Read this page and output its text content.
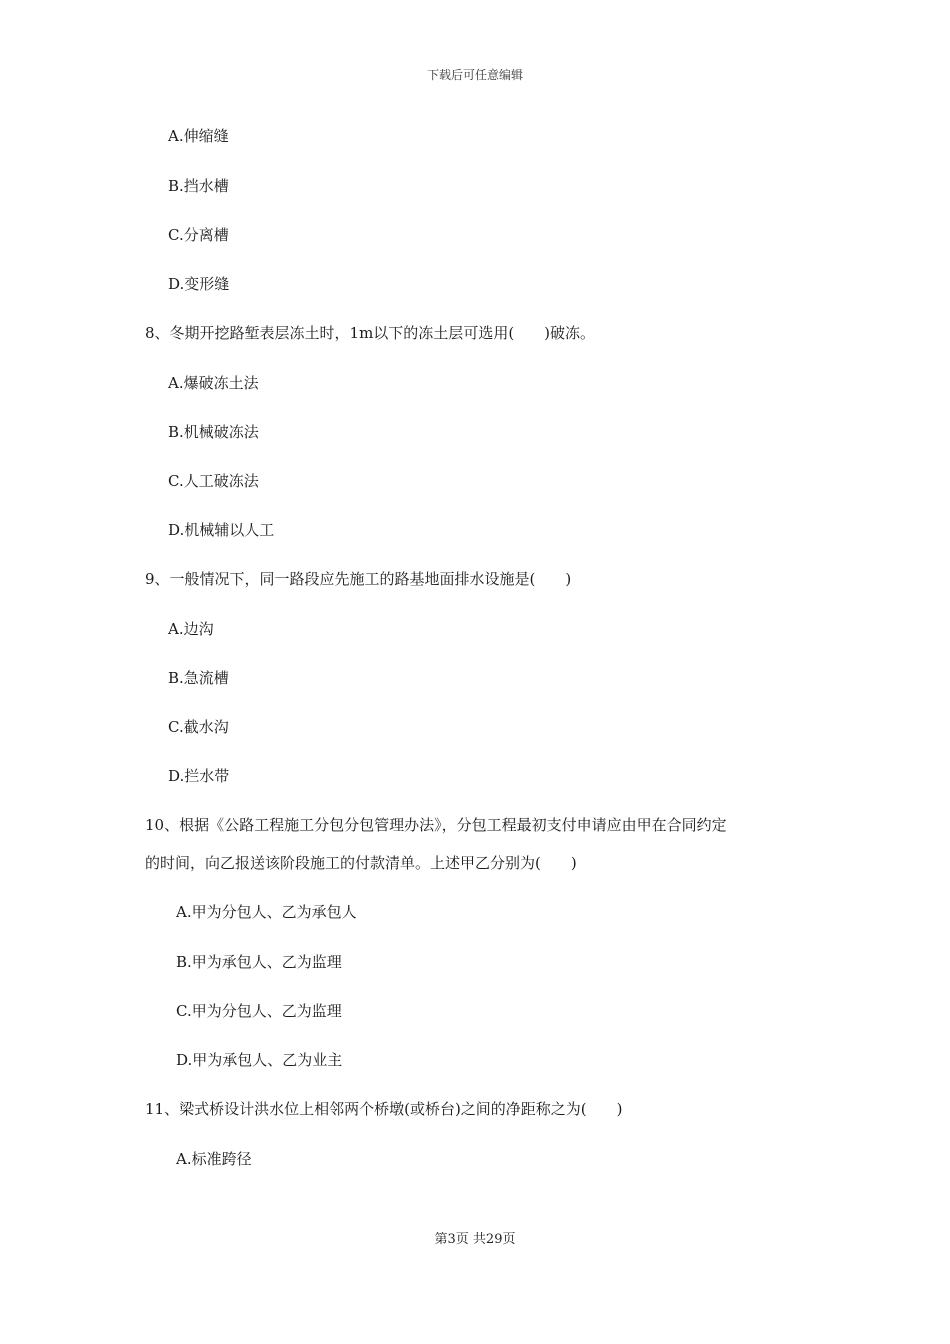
下载后可任意编辑
A.伸缩缝
B.挡水槽
C.分离槽
D.变形缝
8、冬期开挖路堑表层冻土时，1m以下的冻土层可选用(　　)破冻。
A.爆破冻土法
B.机械破冻法
C.人工破冻法
D.机械辅以人工
9、一般情况下，同一路段应先施工的路基地面排水设施是(　　)
A.边沟
B.急流槽
C.截水沟
D.拦水带
10、根据《公路工程施工分包分包管理办法》，分包工程最初支付申请应由甲在合同约定
的时间，向乙报送该阶段施工的付款清单。上述甲乙分别为(　　)
A.甲为分包人、乙为承包人
B.甲为承包人、乙为监理
C.甲为分包人、乙为监理
D.甲为承包人、乙为业主
11、梁式桥设计洪水位上相邻两个桥墩(或桥台)之间的净距称之为(　　)
A.标准跨径
第3页 共29页
